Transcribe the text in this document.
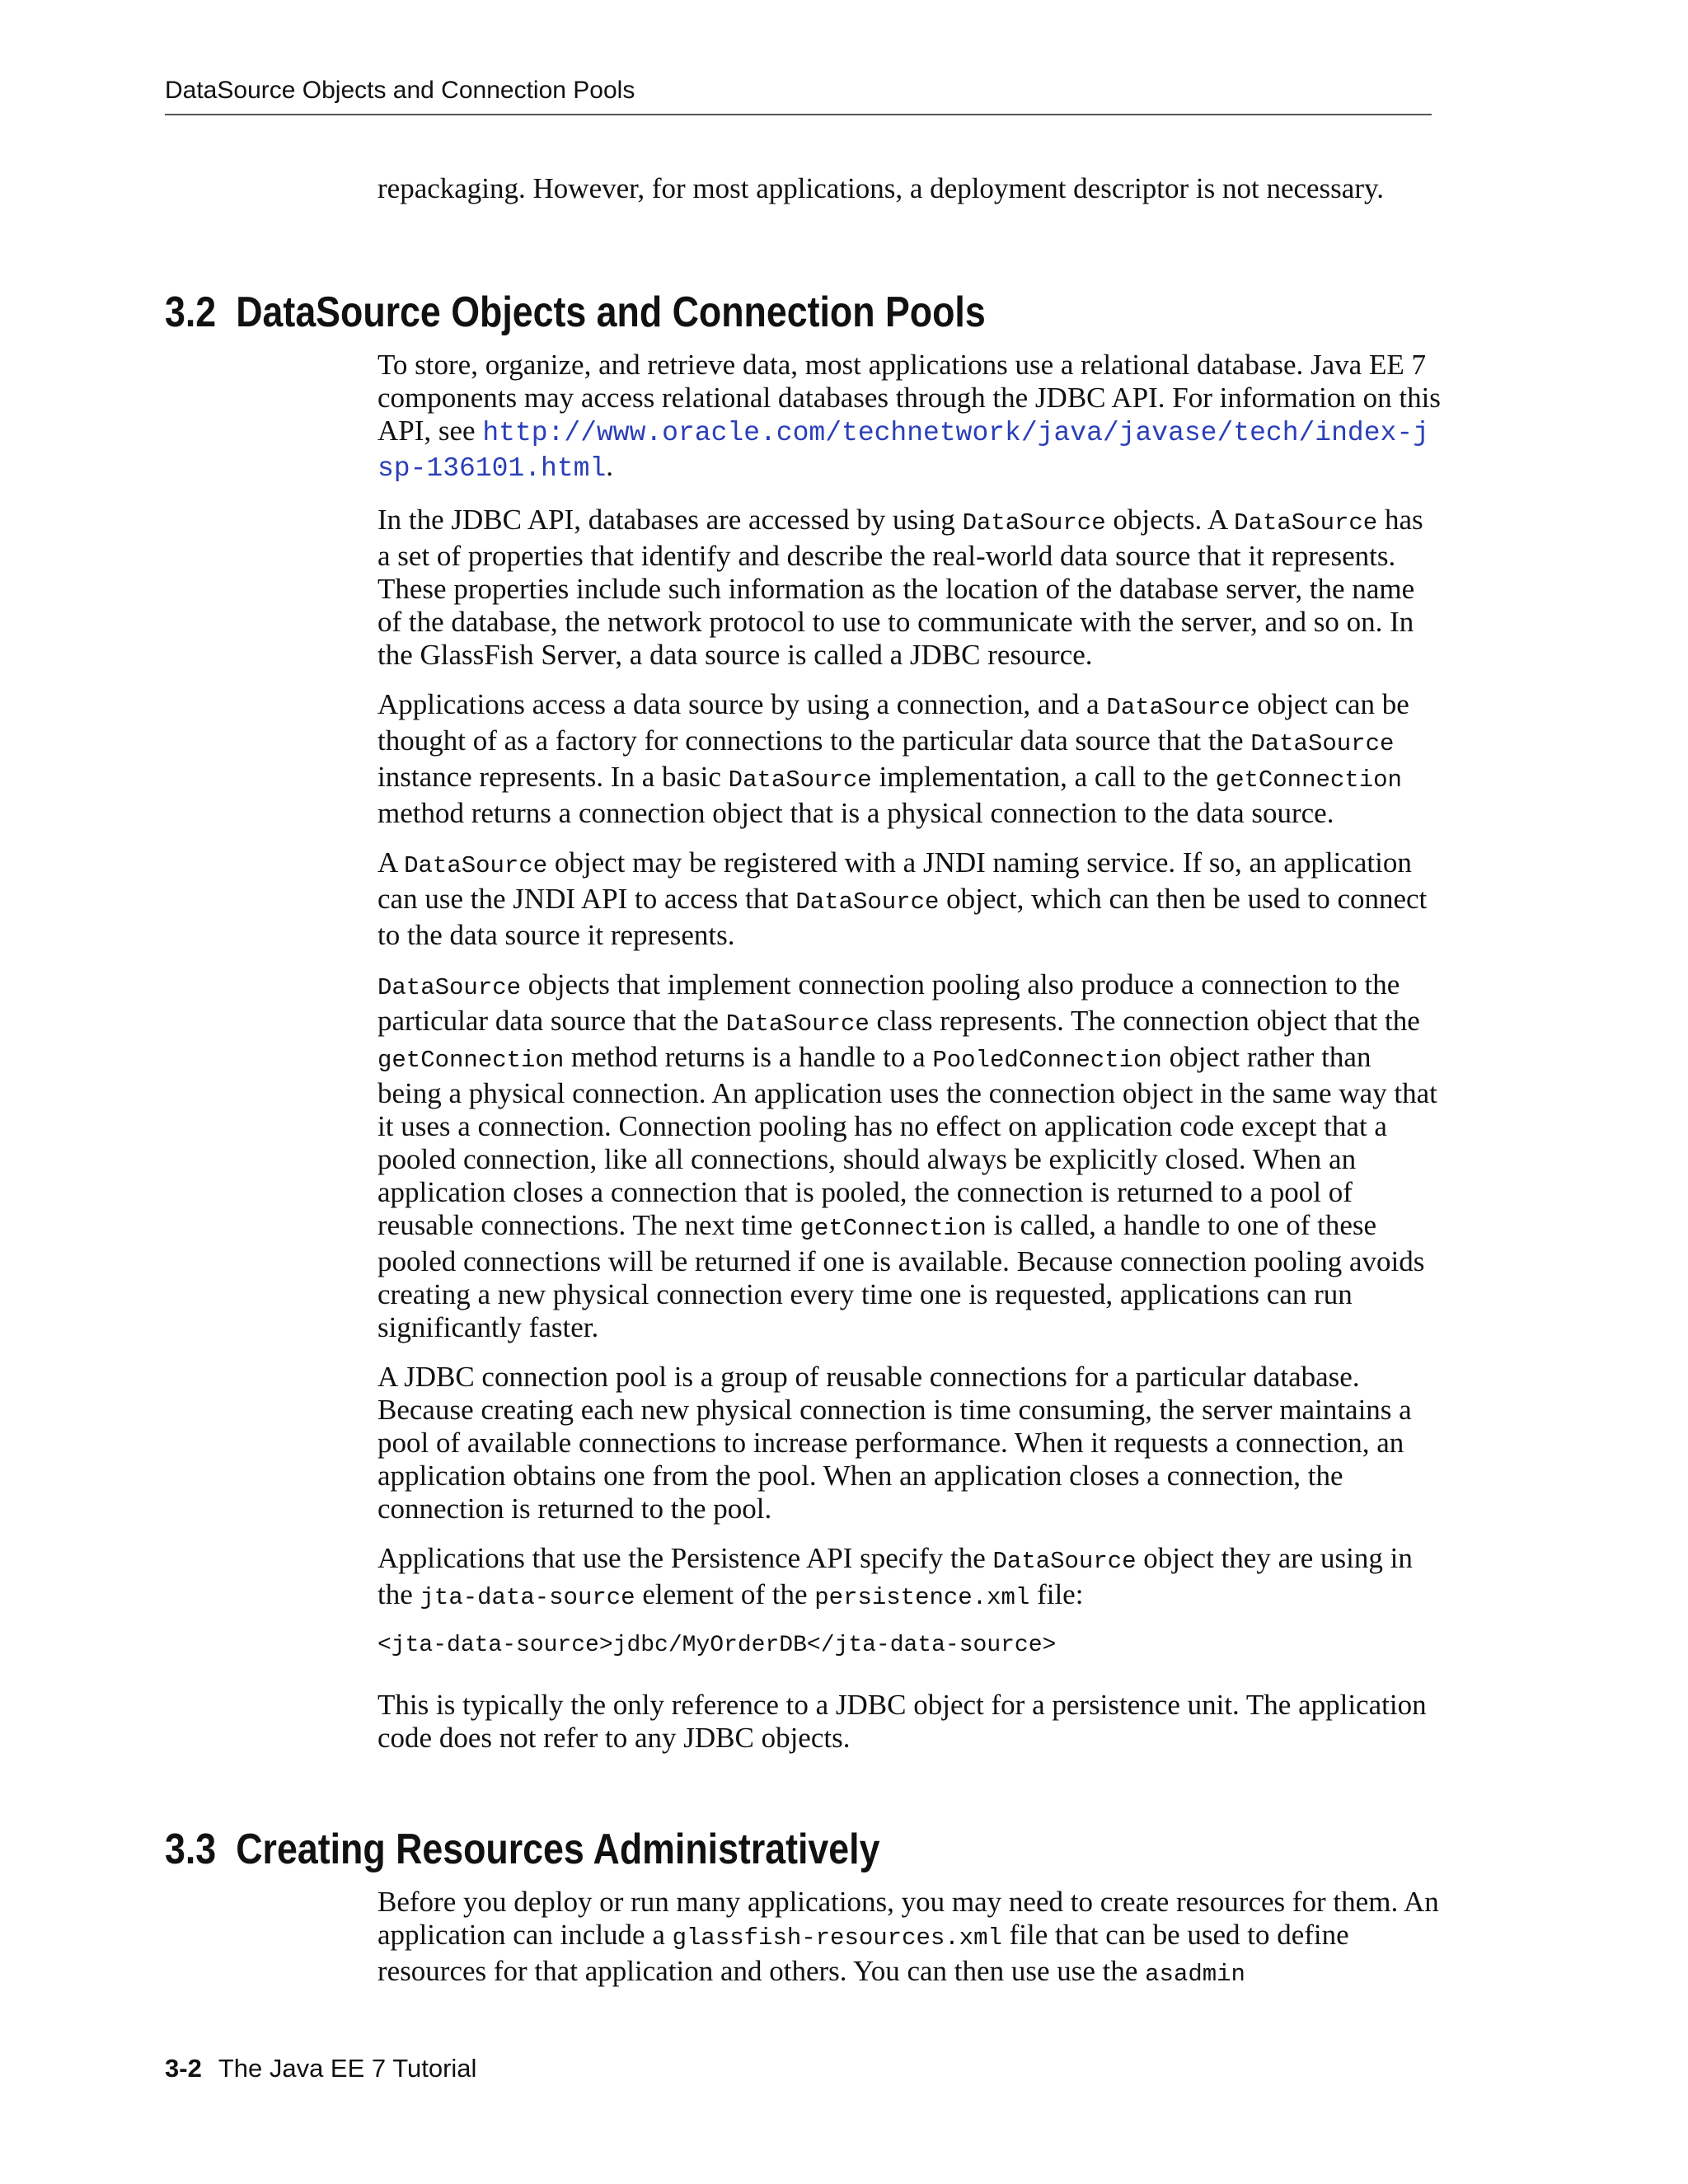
DataSource Objects and Connection Pools

repackaging. However, for most applications, a deployment descriptor is not necessary.

3.2 DataSource Objects and Connection Pools

To store, organize, and retrieve data, most applications use a relational database. Java EE 7 components may access relational databases through the JDBC API. For information on this API, see http://www.oracle.com/technetwork/java/javase/tech/index-jsp-136101.html.

In the JDBC API, databases are accessed by using DataSource objects. A DataSource has a set of properties that identify and describe the real-world data source that it represents. These properties include such information as the location of the database server, the name of the database, the network protocol to use to communicate with the server, and so on. In the GlassFish Server, a data source is called a JDBC resource.

Applications access a data source by using a connection, and a DataSource object can be thought of as a factory for connections to the particular data source that the DataSource instance represents. In a basic DataSource implementation, a call to the getConnection method returns a connection object that is a physical connection to the data source.

A DataSource object may be registered with a JNDI naming service. If so, an application can use the JNDI API to access that DataSource object, which can then be used to connect to the data source it represents.

DataSource objects that implement connection pooling also produce a connection to the particular data source that the DataSource class represents. The connection object that the getConnection method returns is a handle to a PooledConnection object rather than being a physical connection. An application uses the connection object in the same way that it uses a connection. Connection pooling has no effect on application code except that a pooled connection, like all connections, should always be explicitly closed. When an application closes a connection that is pooled, the connection is returned to a pool of reusable connections. The next time getConnection is called, a handle to one of these pooled connections will be returned if one is available. Because connection pooling avoids creating a new physical connection every time one is requested, applications can run significantly faster.

A JDBC connection pool is a group of reusable connections for a particular database. Because creating each new physical connection is time consuming, the server maintains a pool of available connections to increase performance. When it requests a connection, an application obtains one from the pool. When an application closes a connection, the connection is returned to the pool.

Applications that use the Persistence API specify the DataSource object they are using in the jta-data-source element of the persistence.xml file:

<jta-data-source>jdbc/MyOrderDB</jta-data-source>

This is typically the only reference to a JDBC object for a persistence unit. The application code does not refer to any JDBC objects.

3.3 Creating Resources Administratively

Before you deploy or run many applications, you may need to create resources for them. An application can include a glassfish-resources.xml file that can be used to define resources for that application and others. You can then use use the asadmin

3-2 The Java EE 7 Tutorial
